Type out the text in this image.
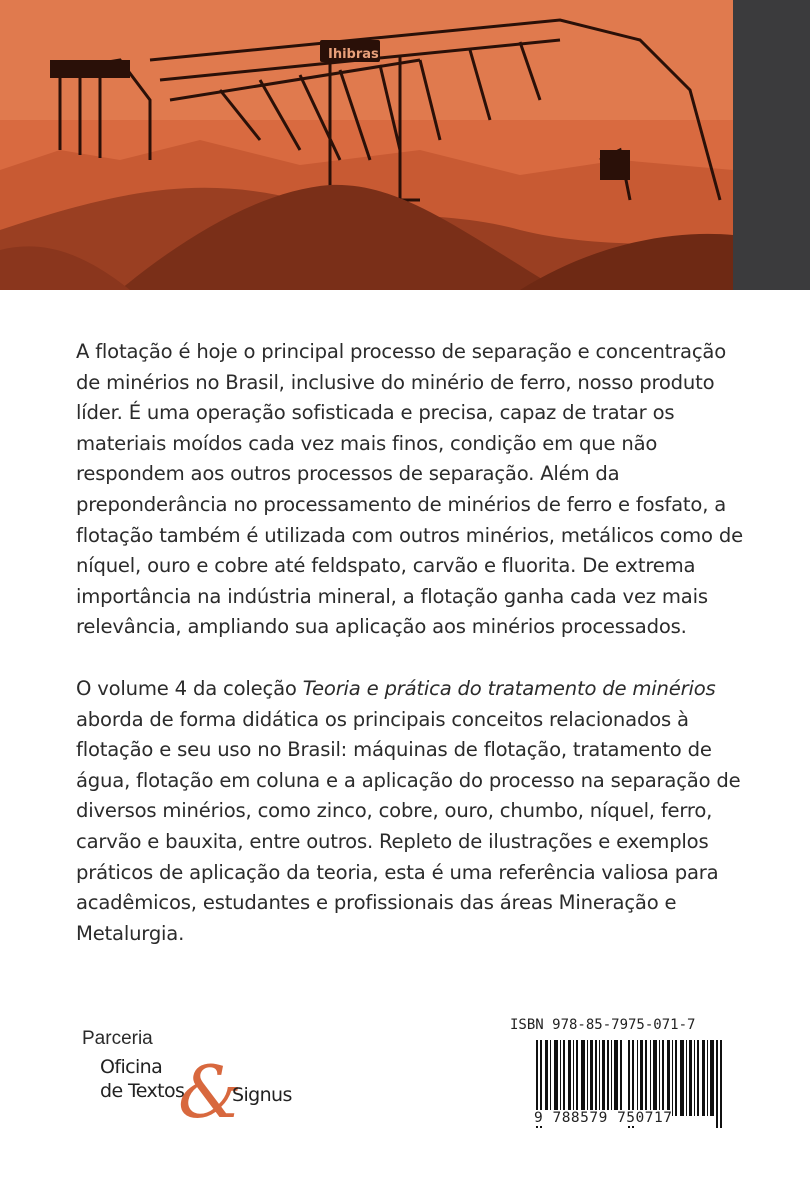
Ihibras

A flotação é hoje o principal processo de separação e concentração de minérios no Brasil, inclusive do minério de ferro, nosso produto líder. É uma operação sofisticada e precisa, capaz de tratar os materiais moídos cada vez mais finos, condição em que não respondem aos outros processos de separação. Além da preponderância no processamento de minérios de ferro e fosfato, a flotação também é utilizada com outros minérios, metálicos como de níquel, ouro e cobre até feldspato, carvão e fluorita. De extrema importância na indústria mineral, a flotação ganha cada vez mais relevância, ampliando sua aplicação aos minérios processados.

O volume 4 da coleção Teoria e prática do tratamento de minérios aborda de forma didática os principais conceitos relacionados à flotação e seu uso no Brasil: máquinas de flotação, tratamento de água, flotação em coluna e a aplicação do processo na separação de diversos minérios, como zinco, cobre, ouro, chumbo, níquel, ferro, carvão e bauxita, entre outros. Repleto de ilustrações e exemplos práticos de aplicação da teoria, esta é uma referência valiosa para acadêmicos, estudantes e profissionais das áreas Mineração e Metalurgia.

Parceria
Oficina
de Textos
&
Signus
ISBN 978-85-7975-071-7
9 788579 750717
